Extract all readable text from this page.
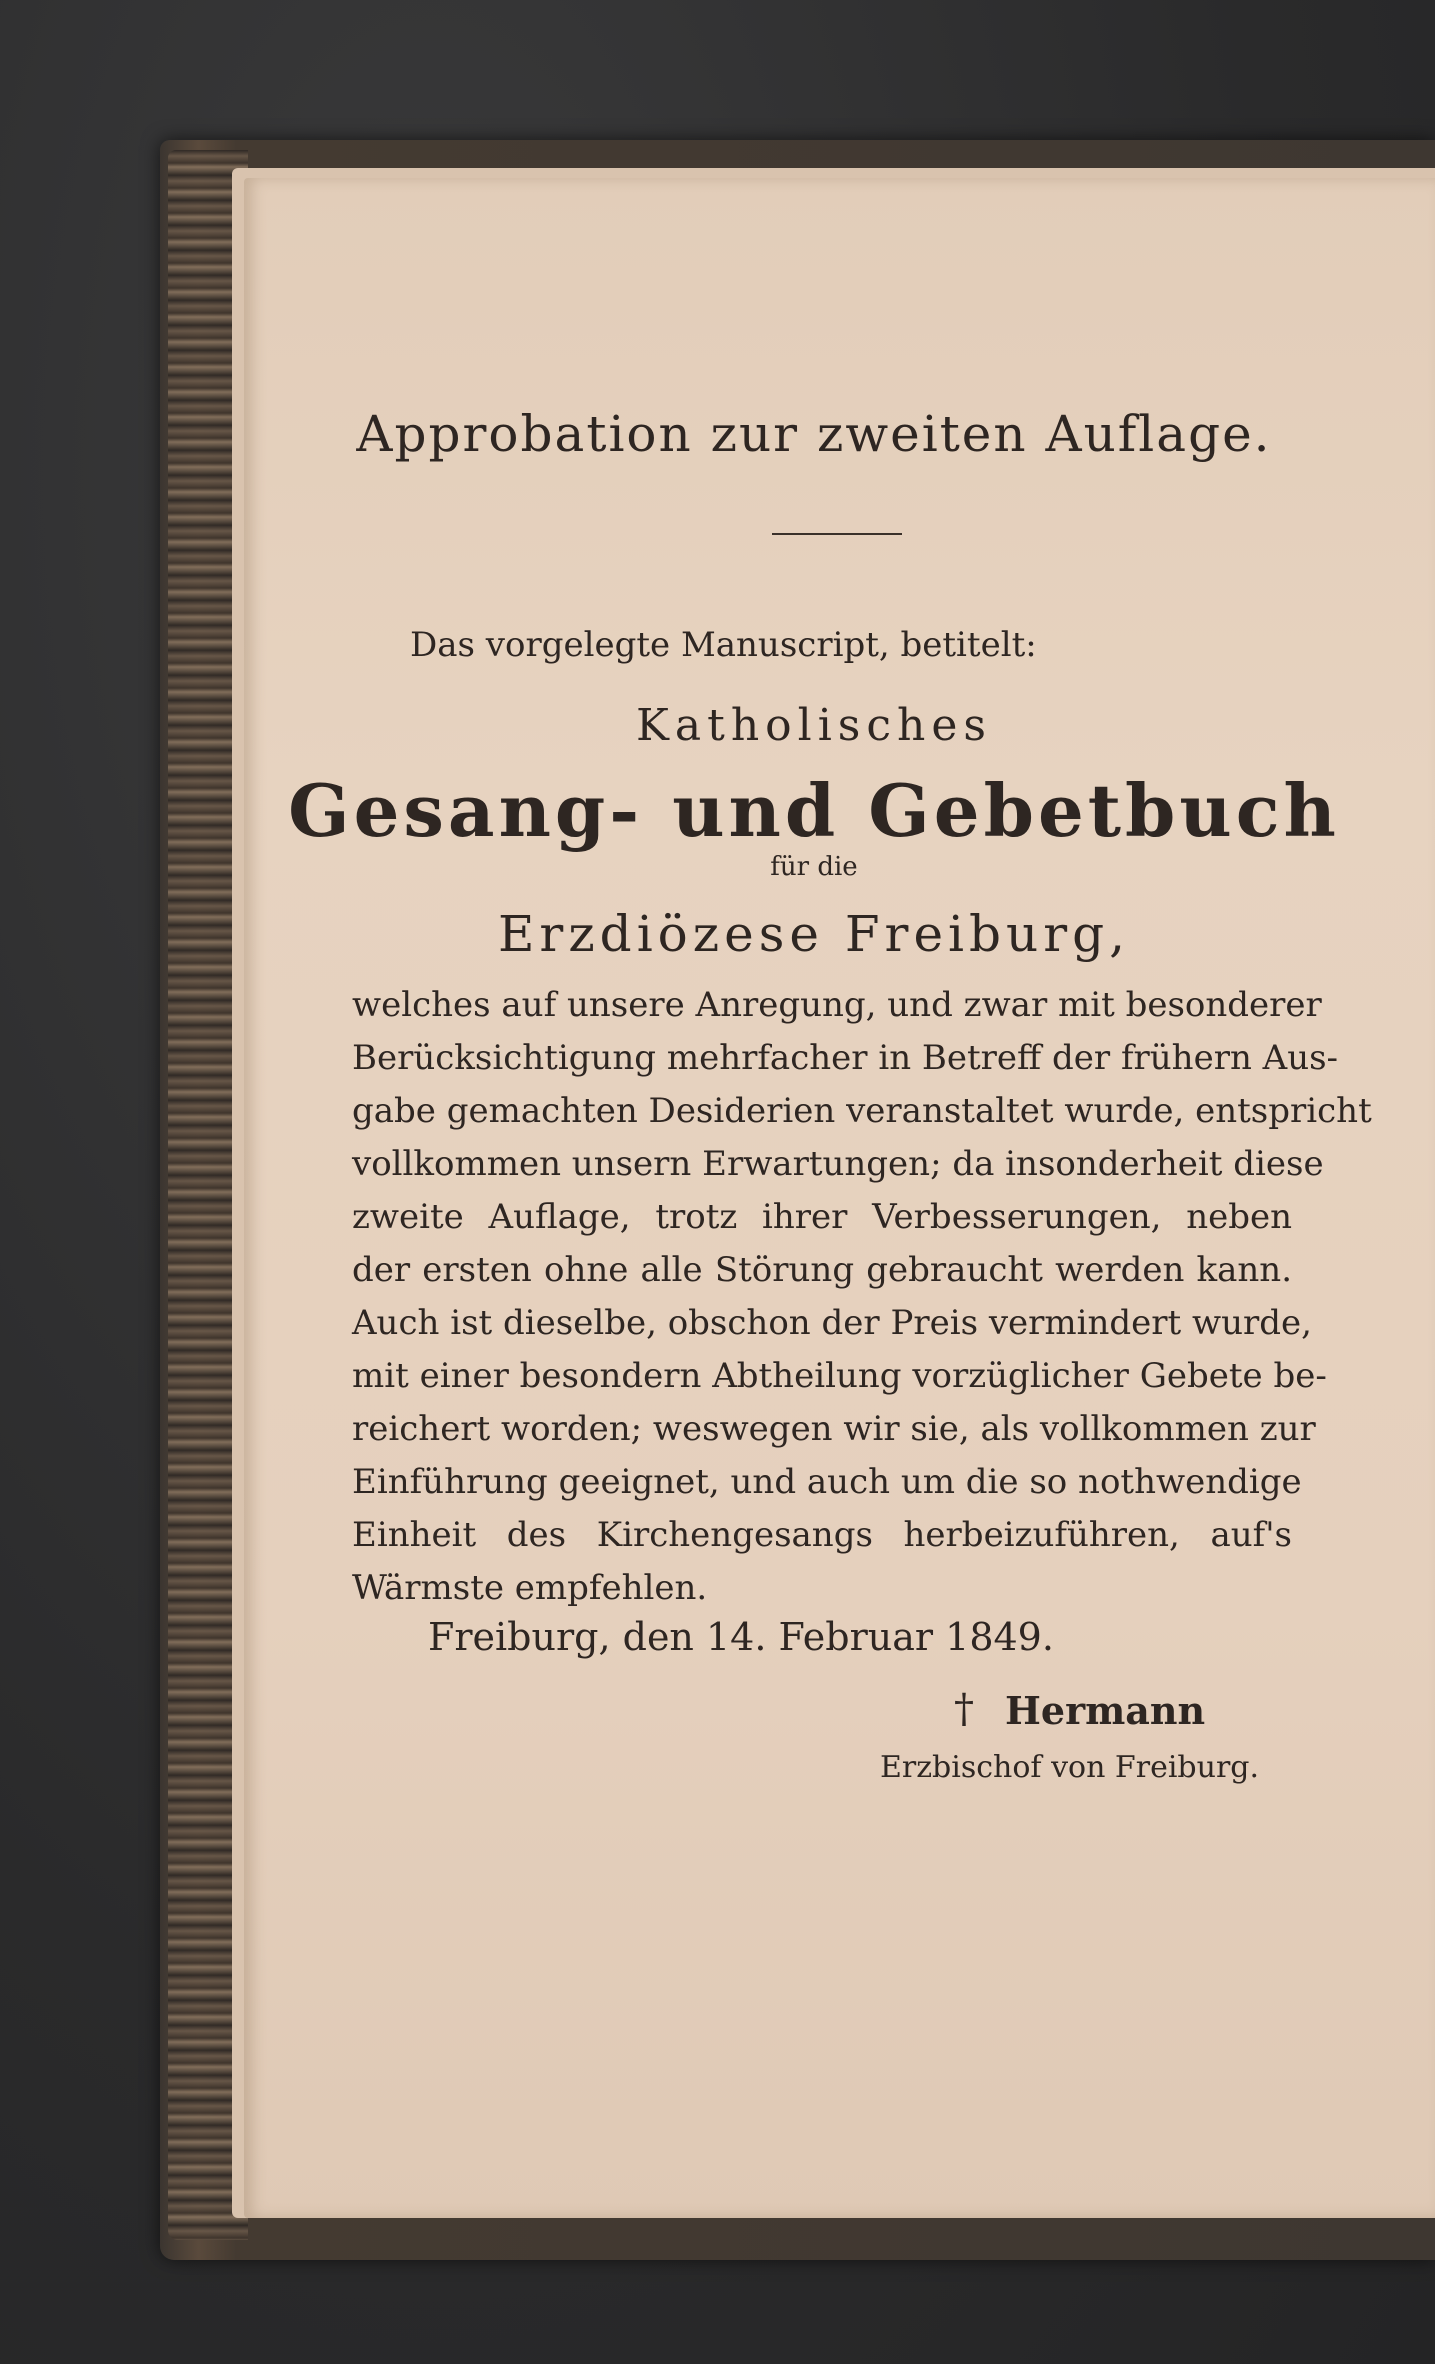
Approbation zur zweiten Auflage.
Das vorgelegte Manuscript, betitelt:
Katholisches
Gesang- und Gebetbuch
für die
Erzdiözese Freiburg,
welches auf unsere Anregung, und zwar mit besonderer
Berücksichtigung mehrfacher in Betreff der frühern Aus-
gabe gemachten Desiderien veranstaltet wurde, entspricht
vollkommen unsern Erwartungen; da insonderheit diese
zweite Auflage, trotz ihrer Verbesserungen, neben
der ersten ohne alle Störung gebraucht werden kann.
Auch ist dieselbe, obschon der Preis vermindert wurde,
mit einer besondern Abtheilung vorzüglicher Gebete be-
reichert worden; weswegen wir sie, als vollkommen zur
Einführung geeignet, und auch um die so nothwendige
Einheit des Kirchengesangs herbeizuführen, auf's
Wärmste empfehlen.
Freiburg, den 14. Februar 1849.
† Hermann
Erzbischof von Freiburg.
